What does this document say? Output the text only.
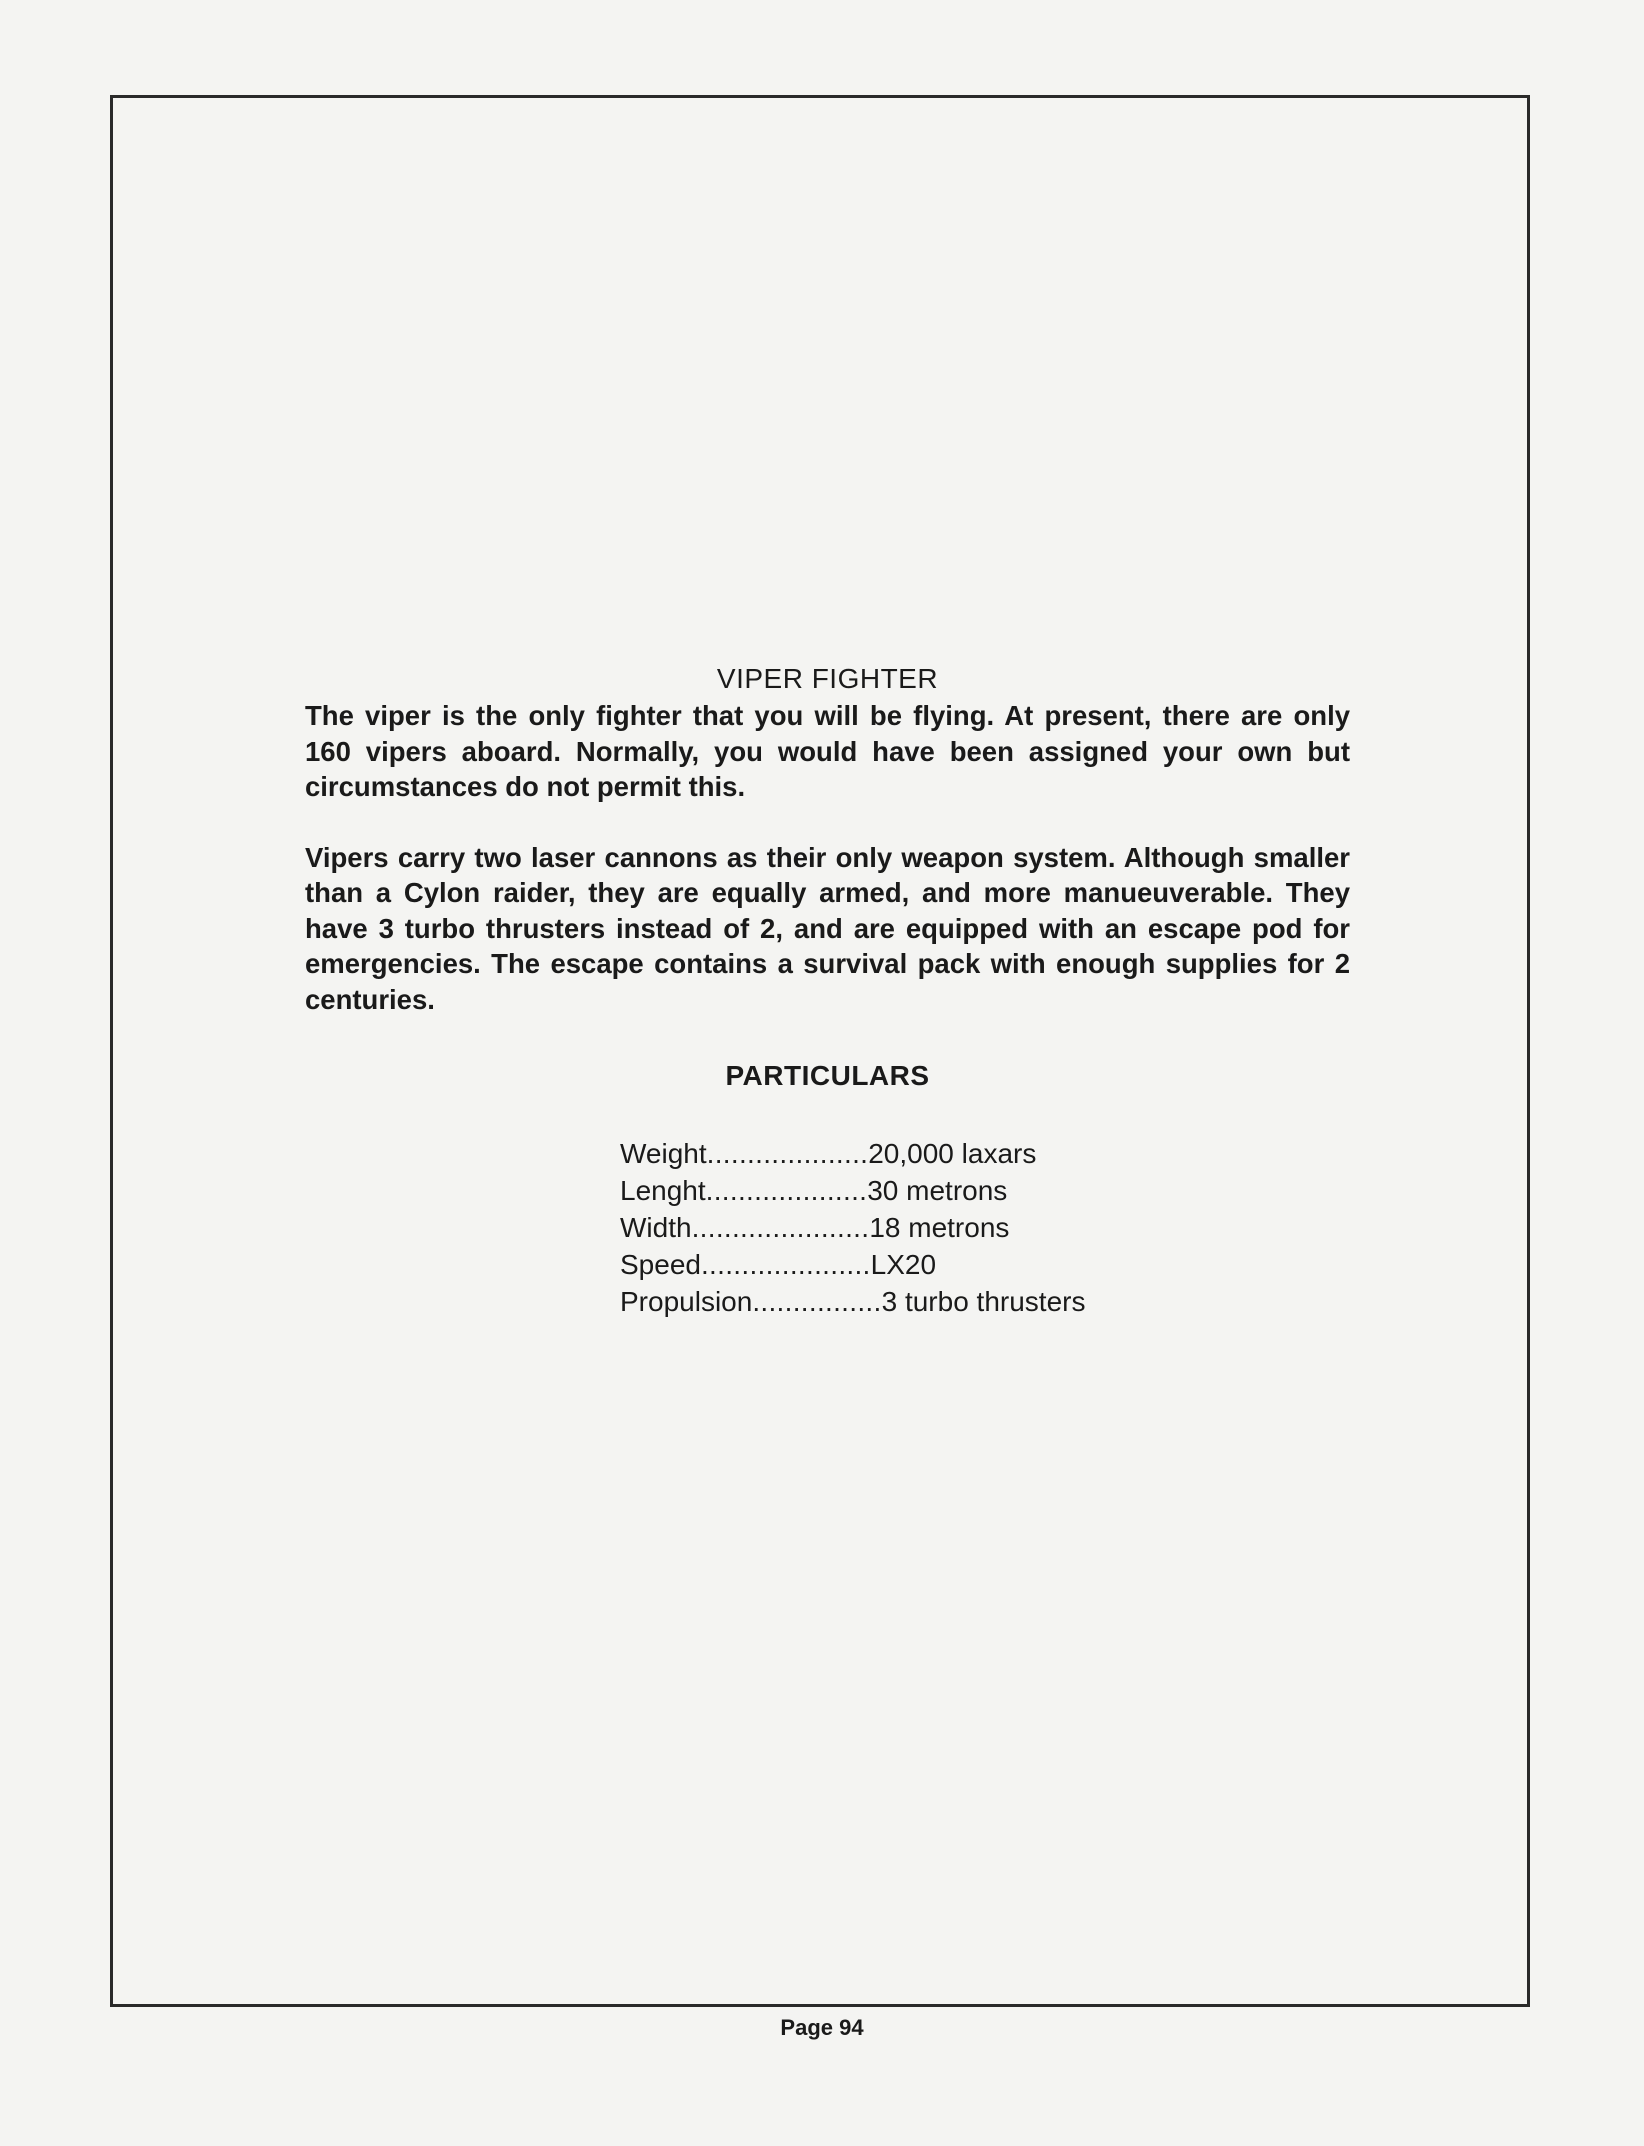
VIPER FIGHTER

The viper is the only fighter that you will be flying. At present, there are only 160 vipers aboard. Normally, you would have been assigned your own but circumstances do not permit this.

Vipers carry two laser cannons as their only weapon system. Although smaller than a Cylon raider, they are equally armed, and more manueuverable. They have 3 turbo thrusters instead of 2, and are equipped with an escape pod for emergencies. The escape contains a survival pack with enough supplies for 2 centuries.

PARTICULARS
Weight .................... 20,000 laxars
Lenght .................... 30 metrons
Width ...................... 18 metrons
Speed ..................... LX20
Propulsion ................ 3 turbo thrusters
Page 94
